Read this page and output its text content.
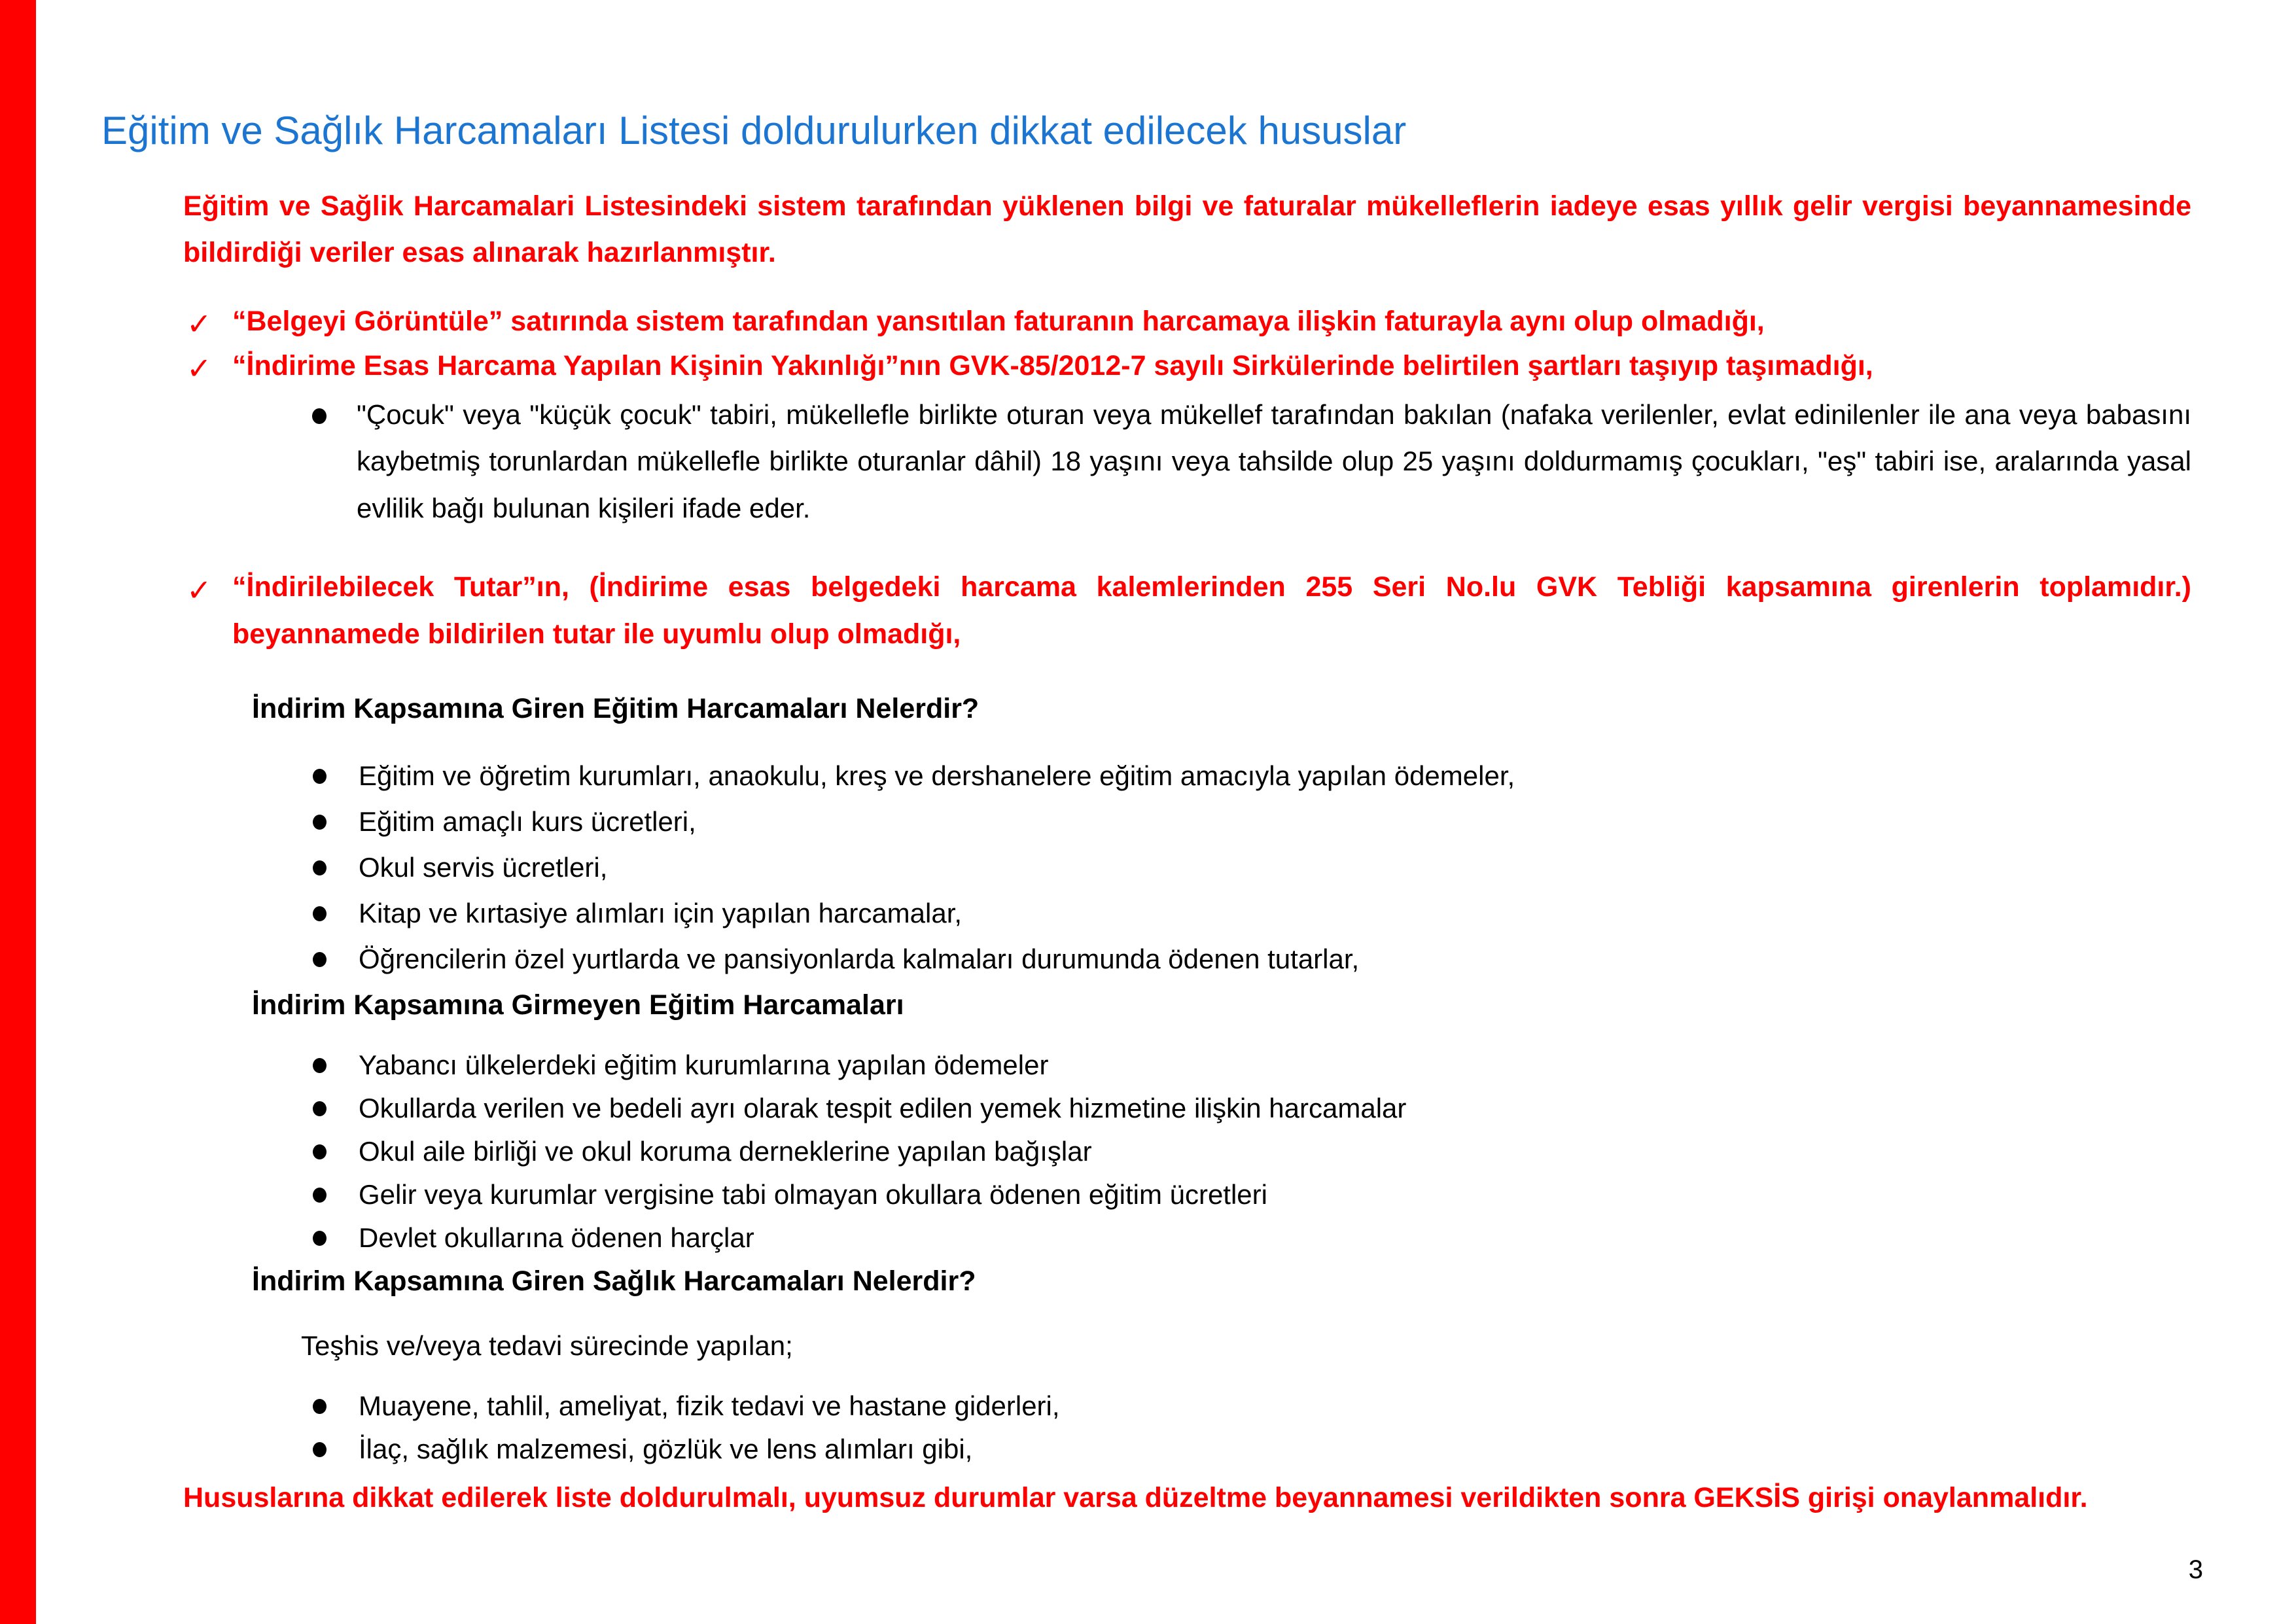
Eğitim ve Sağlık Harcamaları Listesi doldurulurken dikkat edilecek hususlar

Eğitim ve Sağlik Harcamalari Listesindeki sistem tarafından yüklenen bilgi ve faturalar mükelleflerin iadeye esas yıllık gelir vergisi beyannamesinde bildirdiği veriler esas alınarak hazırlanmıştır.

✓ “Belgeyi Görüntüle” satırında sistem tarafından yansıtılan faturanın harcamaya ilişkin faturayla aynı olup olmadığı,
✓ “İndirime Esas Harcama Yapılan Kişinin Yakınlığı”nın GVK-85/2012-7 sayılı Sirkülerinde belirtilen şartları taşıyıp taşımadığı,
"Çocuk" veya "küçük çocuk" tabiri, mükellefle birlikte oturan veya mükellef tarafından bakılan (nafaka verilenler, evlat edinilenler ile ana veya babasını kaybetmiş torunlardan mükellefle birlikte oturanlar dâhil) 18 yaşını veya tahsilde olup 25 yaşını doldurmamış çocukları, "eş" tabiri ise, aralarında yasal evlilik bağı bulunan kişileri ifade eder.
✓ “İndirilebilecek Tutar”ın, (İndirime esas belgedeki harcama kalemlerinden 255 Seri No.lu GVK Tebliği kapsamına girenlerin toplamıdır.) beyannamede bildirilen tutar ile uyumlu olup olmadığı,
İndirim Kapsamına Giren Eğitim Harcamaları Nelerdir?
Eğitim ve öğretim kurumları, anaokulu, kreş ve dershanelere eğitim amacıyla yapılan ödemeler,
Eğitim amaçlı kurs ücretleri,
Okul servis ücretleri,
Kitap ve kırtasiye alımları için yapılan harcamalar,
Öğrencilerin özel yurtlarda ve pansiyonlarda kalmaları durumunda ödenen tutarlar,
İndirim Kapsamına Girmeyen Eğitim Harcamaları
Yabancı ülkelerdeki eğitim kurumlarına yapılan ödemeler
Okullarda verilen ve bedeli ayrı olarak tespit edilen yemek hizmetine ilişkin harcamalar
Okul aile birliği ve okul koruma derneklerine yapılan bağışlar
Gelir veya kurumlar vergisine tabi olmayan okullara ödenen eğitim ücretleri
Devlet okullarına ödenen harçlar
İndirim Kapsamına Giren Sağlık Harcamaları Nelerdir?

Teşhis ve/veya tedavi sürecinde yapılan;

Muayene, tahlil, ameliyat, fizik tedavi ve hastane giderleri,
İlaç, sağlık malzemesi, gözlük ve lens alımları gibi,

Hususlarına dikkat edilerek liste doldurulmalı, uyumsuz durumlar varsa düzeltme beyannamesi verildikten sonra GEKSİS girişi onaylanmalıdır.

3
